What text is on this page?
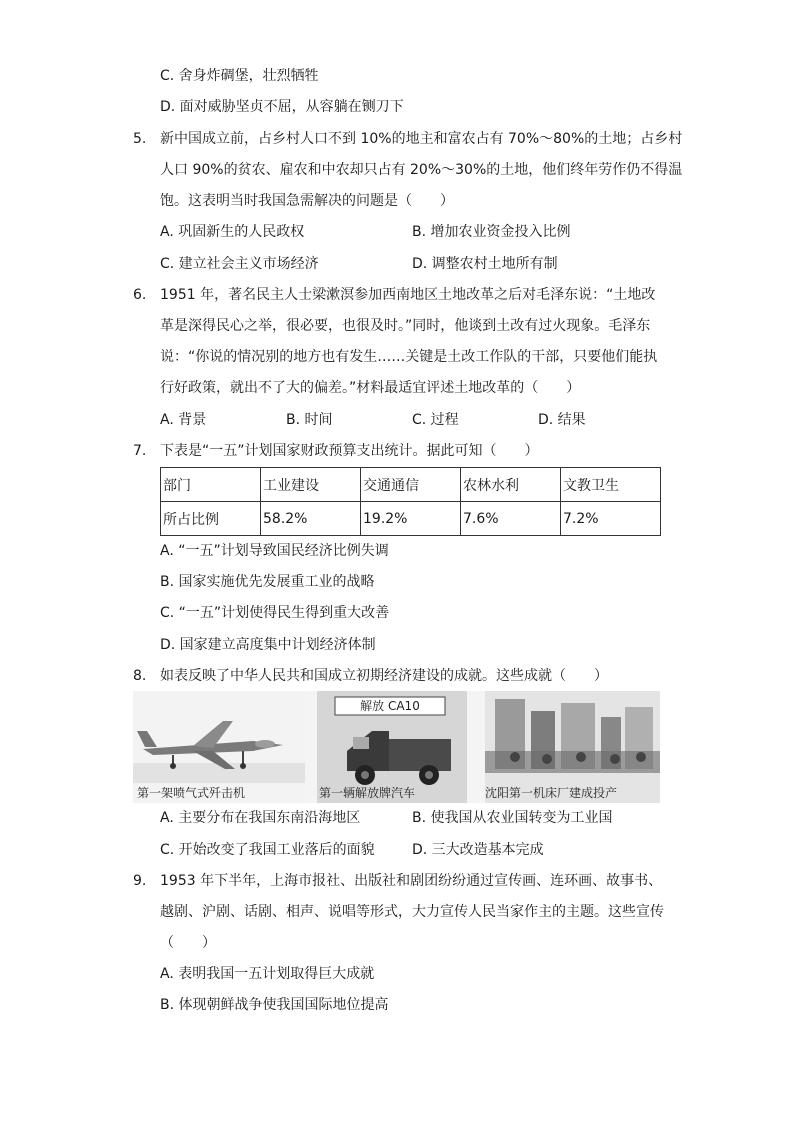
C. 舍身炸碉堡，壮烈牺牲
D. 面对威胁坚贞不屈，从容躺在铡刀下
5. 新中国成立前，占乡村人口不到 10%的地主和富农占有 70%～80%的土地；占乡村
人口 90%的贫农、雇农和中农却只占有 20%～30%的土地，他们终年劳作仍不得温
饱。这表明当时我国急需解决的问题是（　　）
A. 巩固新生的人民政权	B. 增加农业资金投入比例
C. 建立社会主义市场经济	D. 调整农村土地所有制
6. 1951 年，著名民主人士梁漱溟参加西南地区土地改革之后对毛泽东说：“土地改
革是深得民心之举，很必要，也很及时。”同时，他谈到土改有过火现象。毛泽东
说：“你说的情况别的地方也有发生……关键是土改工作队的干部，只要他们能执
行好政策，就出不了大的偏差。”材料最适宜评述土地改革的（　　）
A. 背景	B. 时间	C. 过程	D. 结果
7. 下表是“一五”计划国家财政预算支出统计。据此可知（　　）
部门	工业建设	交通通信	农林水利	文教卫生
所占比例	58.2%	19.2%	7.6%	7.2%
A. “一五”计划导致国民经济比例失调
B. 国家实施优先发展重工业的战略
C. “一五”计划使得民生得到重大改善
D. 国家建立高度集中计划经济体制
8. 如表反映了中华人民共和国成立初期经济建设的成就。这些成就（　　）
第一架喷气式歼击机
解放 CA10
第一辆解放牌汽车	沈阳第一机床厂建成投产
A. 主要分布在我国东南沿海地区	B. 使我国从农业国转变为工业国
C. 开始改变了我国工业落后的面貌	D. 三大改造基本完成
9. 1953 年下半年，上海市报社、出版社和剧团纷纷通过宣传画、连环画、故事书、
越剧、沪剧、话剧、相声、说唱等形式，大力宣传人民当家作主的主题。这些宣传
（　　）
A. 表明我国一五计划取得巨大成就
B. 体现朝鲜战争使我国国际地位提高
